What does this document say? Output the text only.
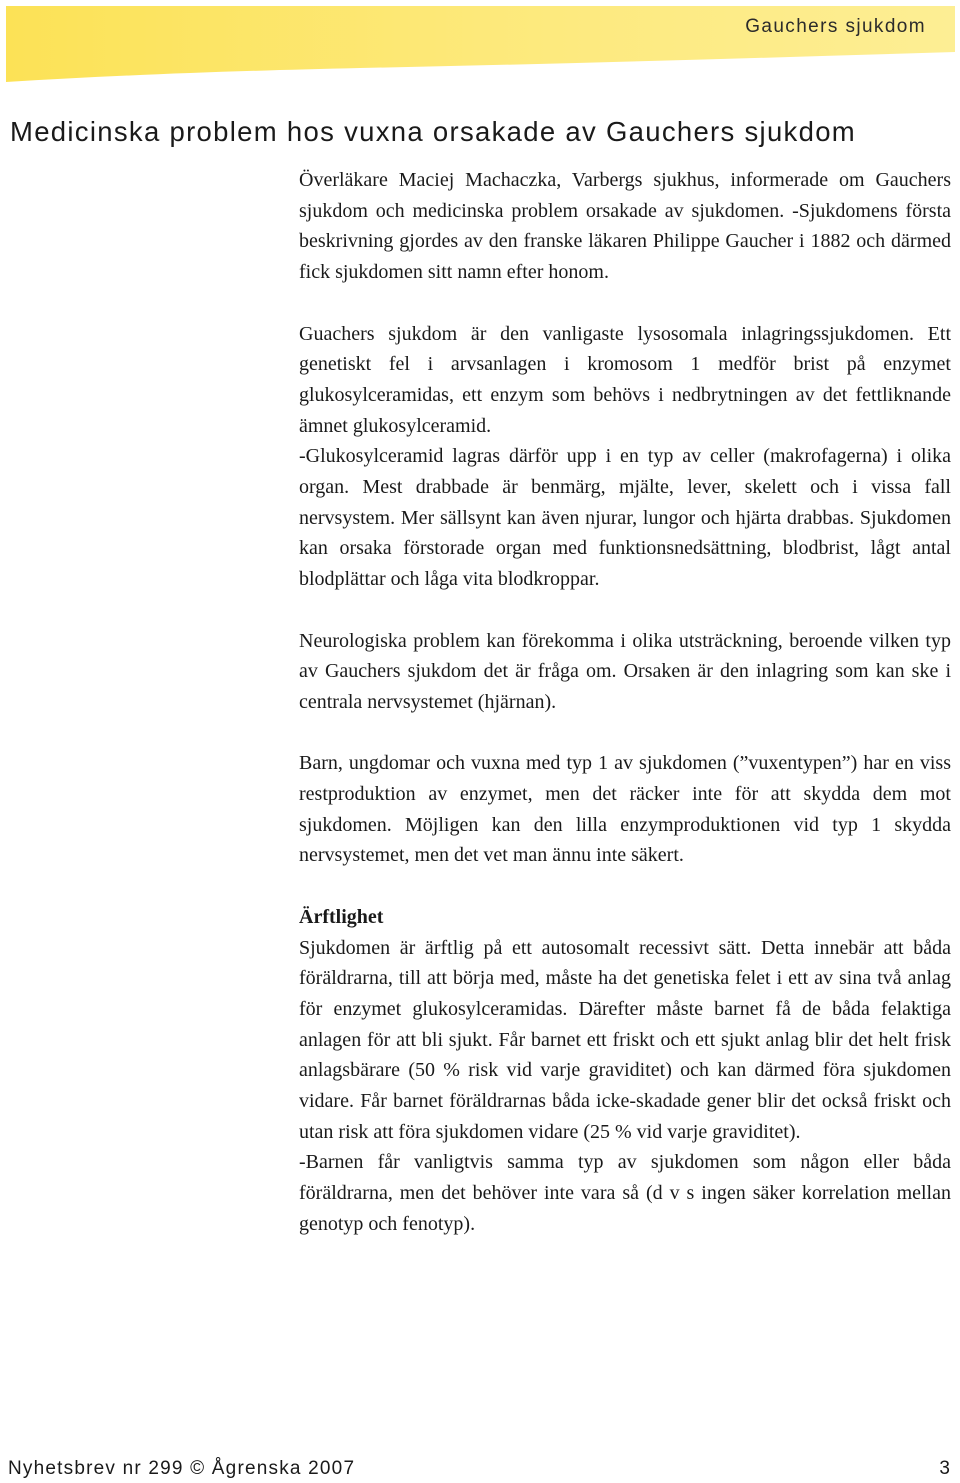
Gauchers sjukdom
Medicinska problem hos vuxna orsakade av Gauchers sjukdom

Överläkare Maciej Machaczka, Varbergs sjukhus, informerade om Gauchers sjukdom och medicinska problem orsakade av sjukdomen. -Sjukdomens första beskrivning gjordes av den franske läkaren Philippe Gaucher i 1882 och därmed fick sjukdomen sitt namn efter honom.

Guachers sjukdom är den vanligaste lysosomala inlagringssjukdomen. Ett genetiskt fel i arvsanlagen i kromosom 1 medför brist på enzymet glukosylceramidas, ett enzym som behövs i nedbrytningen av det fettliknande ämnet glukosylceramid.

-Glukosylceramid lagras därför upp i en typ av celler (makrofagerna) i olika organ. Mest drabbade är benmärg, mjälte, lever, skelett och i vissa fall nervsystem. Mer sällsynt kan även njurar, lungor och hjärta drabbas. Sjukdomen kan orsaka förstorade organ med funktionsnedsättning, blodbrist, lågt antal blodplättar och låga vita blodkroppar.

Neurologiska problem kan förekomma i olika utsträckning, beroende vilken typ av Gauchers sjukdom det är fråga om. Orsaken är den inlagring som kan ske i centrala nervsystemet (hjärnan).

Barn, ungdomar och vuxna med typ 1 av sjukdomen (”vuxentypen”) har en viss restproduktion av enzymet, men det räcker inte för att skydda dem mot sjukdomen. Möjligen kan den lilla enzymproduktionen vid typ 1 skydda nervsystemet, men det vet man ännu inte säkert.

Ärftlighet

Sjukdomen är ärftlig på ett autosomalt recessivt sätt. Detta innebär att båda föräldrarna, till att börja med, måste ha det genetiska felet i ett av sina två anlag för enzymet glukosylceramidas. Därefter måste barnet få de båda felaktiga anlagen för att bli sjukt. Får barnet ett friskt och ett sjukt anlag blir det helt frisk anlagsbärare (50 % risk vid varje graviditet) och kan därmed föra sjukdomen vidare. Får barnet föräldrarnas båda icke-skadade gener blir det också friskt och utan risk att föra sjukdomen vidare (25 % vid varje graviditet).

-Barnen får vanligtvis samma typ av sjukdomen som någon eller båda föräldrarna, men det behöver inte vara så (d v s ingen säker korrelation mellan genotyp och fenotyp).

Nyhetsbrev nr 299 © Ågrenska 2007	3
